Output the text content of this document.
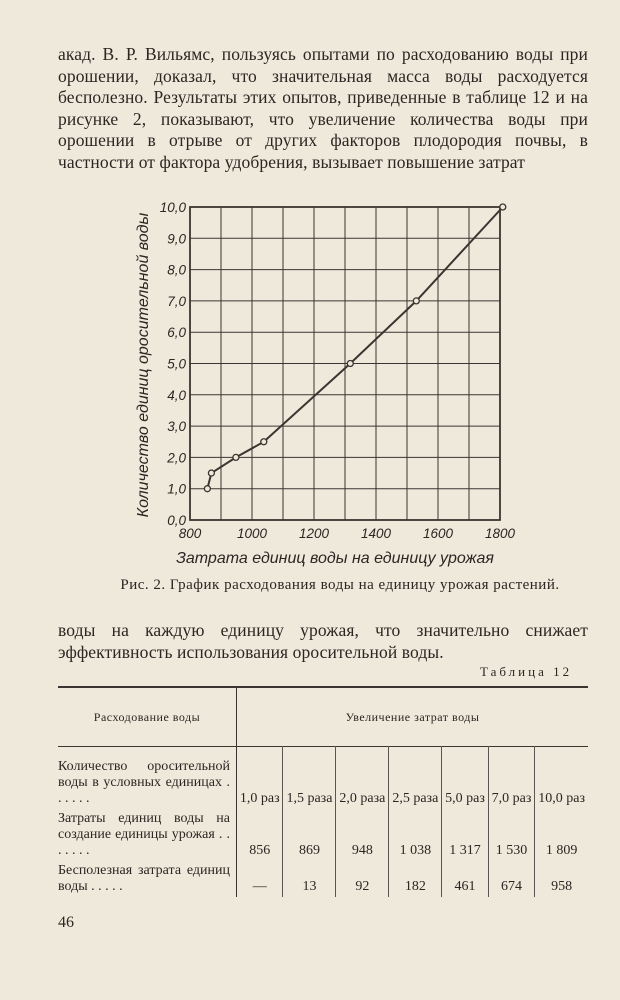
акад. В. Р. Вильямс, пользуясь опытами по расходованию воды при орошении, доказал, что значительная масса воды расходуется бесполезно. Результаты этих опытов, приведенные в таблице 12 и на рисунке 2, показывают, что увеличение количества воды при орошении в отрыве от других факторов плодородия почвы, в частности от фактора удобрения, вызывает повышение затрат
800	1000 1200 1400 1600 1800
0,0
1,0
2,0
3,0
4,0
5,0
6,0
7,0
8,0
9,0
10,0
Затрата единиц воды на единицу урожая
Количество единиц оросительной воды
Рис. 2. График расходования воды на единицу урожая растений.
воды на каждую единицу урожая, что значительно снижает эффективность использования оросительной воды.
Таблица 12
Расходование воды	Увеличение затрат воды						
Количество оросительной воды в условных единицах . . . . . .	1,0 раз	1,5 раза	2,0 раза	2,5 раза	5,0 раз	7,0 раз	10,0 раз
Затраты единиц воды на создание единицы урожая . . . . . . .	856	869	948	1 038	1 317	1 530	1 809
Бесполезная затрата единиц воды . . . . .	—	13	92	182	461	674	958
46
